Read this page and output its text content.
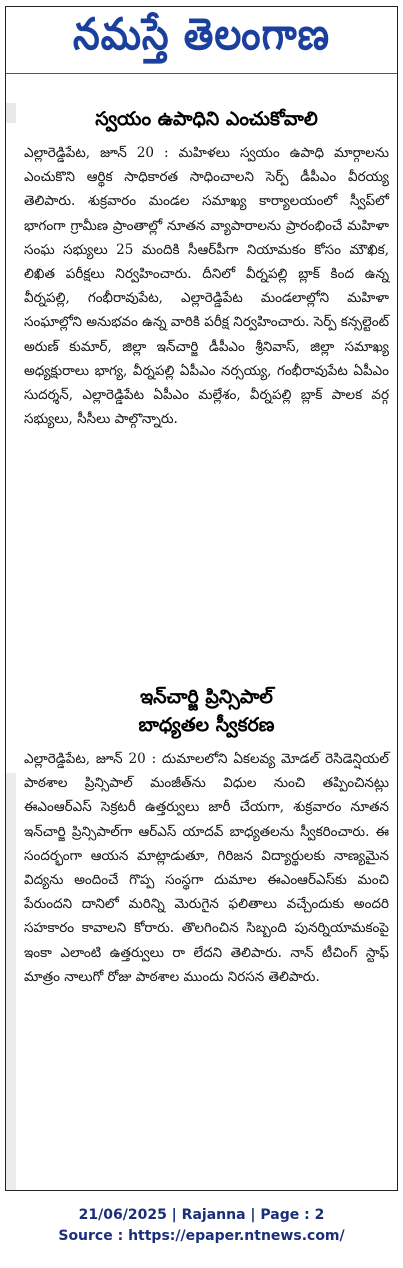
నమస్తే తెలంగాణ
స్వయం ఉపాధిని ఎంచుకోవాలి
ఎల్లారెడ్డిపేట, జూన్ 20 : మహిళలు స్వయం ఉపాధి మార్గాలను ఎంచుకొని ఆర్థిక సాధికారత సాధించాలని సెర్ప్ డీపీఎం వీరయ్య తెలిపారు. శుక్రవారం మండల సమాఖ్య కార్యాలయంలో స్వీప్‌లో భాగంగా గ్రామీణ ప్రాంతాల్లో నూతన వ్యాపారాలను ప్రారంభించే మహిళా సంఘ సభ్యులు 25 మందికి సీఆర్‌పీగా నియామకం కోసం మౌఖిక, లిఖిత పరీక్షలు నిర్వహించారు. దీనిలో వీర్నపల్లి బ్లాక్ కింద ఉన్న వీర్నపల్లి, గంభీరావుపేట, ఎల్లారెడ్డిపేట మండలాల్లోని మహిళా సంఘాల్లోని అనుభవం ఉన్న వారికి పరీక్ష నిర్వహించారు. సెర్ప్ కన్సల్టెంట్ అరుణ్ కుమార్, జిల్లా ఇన్‌చార్జి డీపీఎం శ్రీనివాస్, జిల్లా సమాఖ్య అధ్యక్షురాలు భాగ్య, వీర్నపల్లి ఏపీఎం నర్సయ్య, గంభీరావుపేట ఏపీఎం సుదర్శన్, ఎల్లారెడ్డిపేట ఏపీఎం మల్లేశం, వీర్నపల్లి బ్లాక్ పాలక వర్గ సభ్యులు, సీసీలు పాల్గొన్నారు.
ఇన్‌చార్జి ప్రిన్సిపాల్
బాధ్యతల స్వీకరణ
ఎల్లారెడ్డిపేట, జూన్ 20 : దుమాలలోని ఏకలవ్య మోడల్ రెసిడెన్షియల్ పాఠశాల ప్రిన్సిపాల్ మంజీత్‌ను విధుల నుంచి తప్పించినట్లు ఈఎంఆర్ఎస్ సెక్రటరీ ఉత్తర్వులు జారీ చేయగా, శుక్రవారం నూతన ఇన్‌చార్జి ప్రిన్సిపాల్‌గా ఆర్ఎస్ యాదవ్ బాధ్యతలను స్వీకరించారు. ఈ సందర్భంగా ఆయన మాట్లాడుతూ, గిరిజన విద్యార్థులకు నాణ్యమైన విద్యను అందించే గొప్ప సంస్థగా దుమాల ఈఎంఆర్ఎస్‌కు మంచి పేరుందని దానిలో మరిన్ని మెరుగైన ఫలితాలు వచ్చేందుకు అందరి సహకారం కావాలని కోరారు. తొలగించిన సిబ్బంది పునర్నియామకంపై ఇంకా ఎలాంటి ఉత్తర్వులు రా లేదని తెలిపారు. నాన్ టీచింగ్ స్టాఫ్ మాత్రం నాలుగో రోజు పాఠశాల ముందు నిరసన తెలిపారు.
21/06/2025 | Rajanna | Page : 2
Source : https://epaper.ntnews.com/
